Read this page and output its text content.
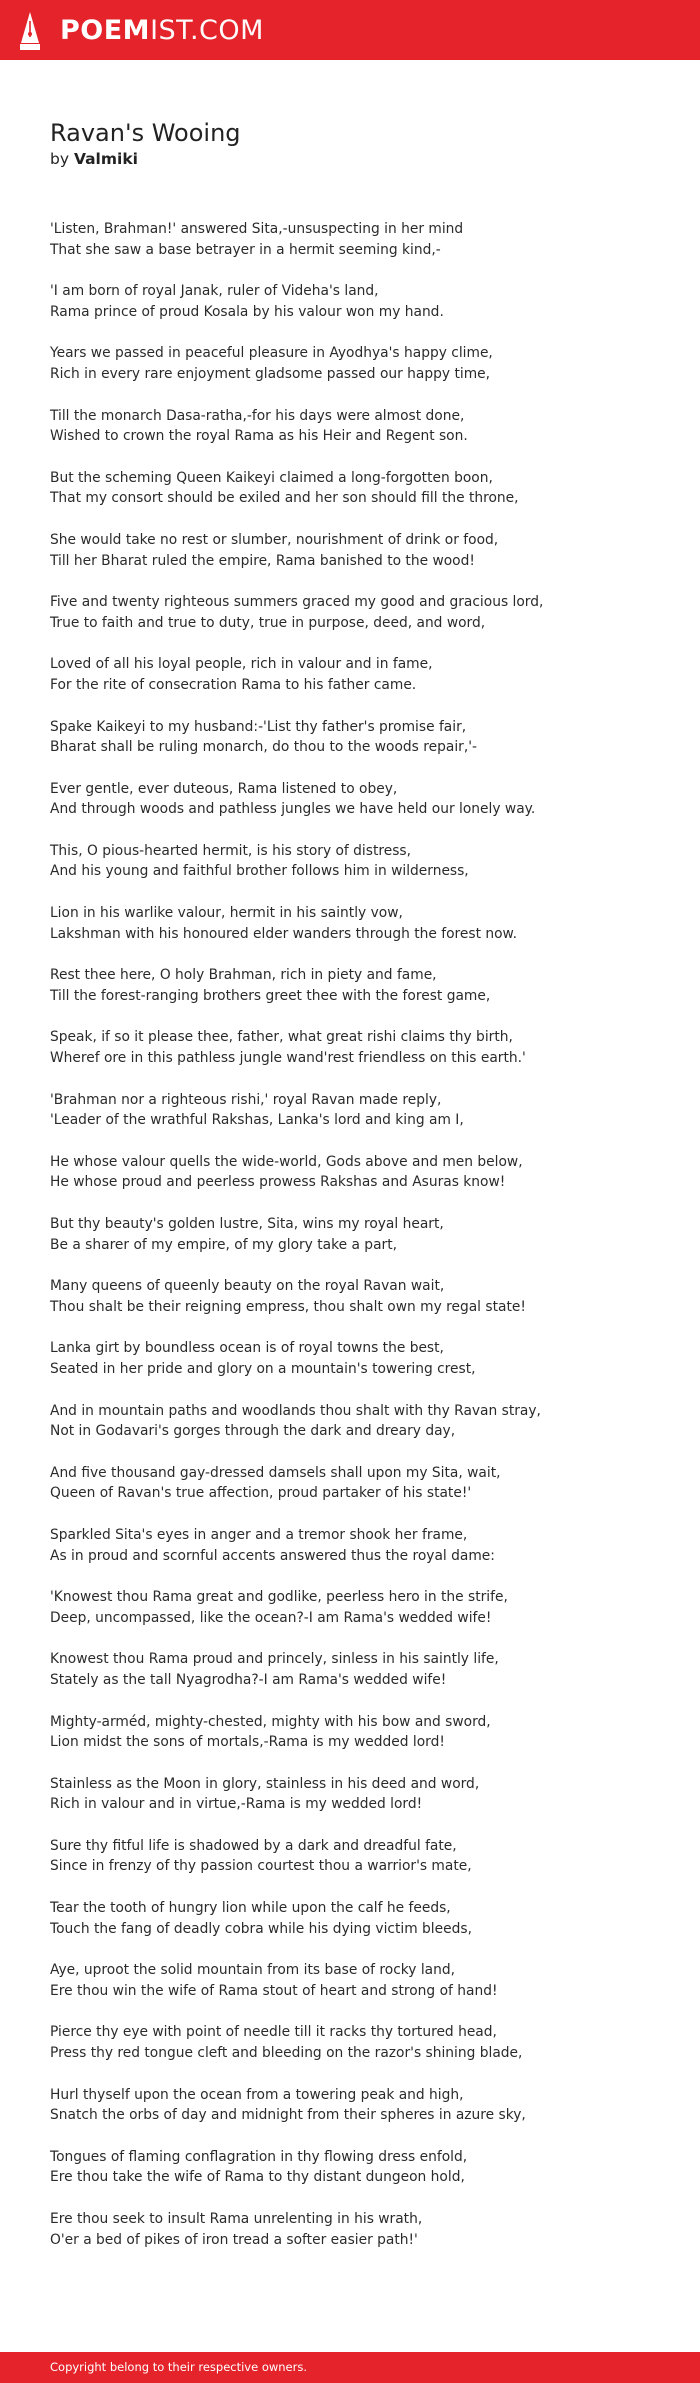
POEMIST.COM
Ravan's Wooing
by Valmiki
'Listen, Brahman!' answered Sita,-unsuspecting in her mind
That she saw a base betrayer in a hermit seeming kind,-
'I am born of royal Janak, ruler of Videha's land,
Rama prince of proud Kosala by his valour won my hand.
Years we passed in peaceful pleasure in Ayodhya's happy clime,
Rich in every rare enjoyment gladsome passed our happy time,
Till the monarch Dasa-ratha,-for his days were almost done,
Wished to crown the royal Rama as his Heir and Regent son.
But the scheming Queen Kaikeyi claimed a long-forgotten boon,
That my consort should be exiled and her son should fill the throne,
She would take no rest or slumber, nourishment of drink or food,
Till her Bharat ruled the empire, Rama banished to the wood!
Five and twenty righteous summers graced my good and gracious lord,
True to faith and true to duty, true in purpose, deed, and word,
Loved of all his loyal people, rich in valour and in fame,
For the rite of consecration Rama to his father came.
Spake Kaikeyi to my husband:-'List thy father's promise fair,
Bharat shall be ruling monarch, do thou to the woods repair,'-
Ever gentle, ever duteous, Rama listened to obey,
And through woods and pathless jungles we have held our lonely way.
This, O pious-hearted hermit, is his story of distress,
And his young and faithful brother follows him in wilderness,
Lion in his warlike valour, hermit in his saintly vow,
Lakshman with his honoured elder wanders through the forest now.
Rest thee here, O holy Brahman, rich in piety and fame,
Till the forest-ranging brothers greet thee with the forest game,
Speak, if so it please thee, father, what great rishi claims thy birth,
Wheref ore in this pathless jungle wand'rest friendless on this earth.'
'Brahman nor a righteous rishi,' royal Ravan made reply,
'Leader of the wrathful Rakshas, Lanka's lord and king am I,
He whose valour quells the wide-world, Gods above and men below,
He whose proud and peerless prowess Rakshas and Asuras know!
But thy beauty's golden lustre, Sita, wins my royal heart,
Be a sharer of my empire, of my glory take a part,
Many queens of queenly beauty on the royal Ravan wait,
Thou shalt be their reigning empress, thou shalt own my regal state!
Lanka girt by boundless ocean is of royal towns the best,
Seated in her pride and glory on a mountain's towering crest,
And in mountain paths and woodlands thou shalt with thy Ravan stray,
Not in Godavari's gorges through the dark and dreary day,
And five thousand gay-dressed damsels shall upon my Sita, wait,
Queen of Ravan's true affection, proud partaker of his state!'
Sparkled Sita's eyes in anger and a tremor shook her frame,
As in proud and scornful accents answered thus the royal dame:
'Knowest thou Rama great and godlike, peerless hero in the strife,
Deep, uncompassed, like the ocean?-I am Rama's wedded wife!
Knowest thou Rama proud and princely, sinless in his saintly life,
Stately as the tall Nyagrodha?-I am Rama's wedded wife!
Mighty-arméd, mighty-chested, mighty with his bow and sword,
Lion midst the sons of mortals,-Rama is my wedded lord!
Stainless as the Moon in glory, stainless in his deed and word,
Rich in valour and in virtue,-Rama is my wedded lord!
Sure thy fitful life is shadowed by a dark and dreadful fate,
Since in frenzy of thy passion courtest thou a warrior's mate,
Tear the tooth of hungry lion while upon the calf he feeds,
Touch the fang of deadly cobra while his dying victim bleeds,
Aye, uproot the solid mountain from its base of rocky land,
Ere thou win the wife of Rama stout of heart and strong of hand!
Pierce thy eye with point of needle till it racks thy tortured head,
Press thy red tongue cleft and bleeding on the razor's shining blade,
Hurl thyself upon the ocean from a towering peak and high,
Snatch the orbs of day and midnight from their spheres in azure sky,
Tongues of flaming conflagration in thy flowing dress enfold,
Ere thou take the wife of Rama to thy distant dungeon hold,
Ere thou seek to insult Rama unrelenting in his wrath,
O'er a bed of pikes of iron tread a softer easier path!'
Copyright belong to their respective owners.
